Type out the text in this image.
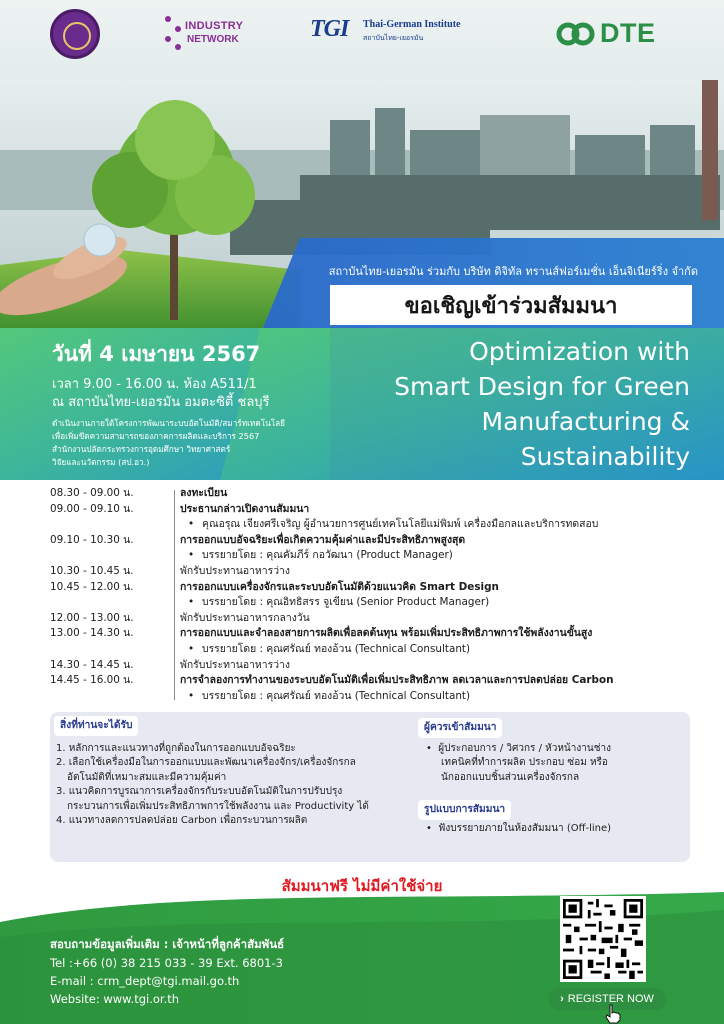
INDUSTRY
NETWORK	TGI Thai-German Institute
สถาบันไทย-เยอรมัน	DTE
สถาบันไทย-เยอรมัน ร่วมกับ บริษัท ดิจิทัล ทรานส์ฟอร์เมชั่น เอ็นจิเนียร์ริ่ง จำกัด
ขอเชิญเข้าร่วมสัมมนา
วันที่ 4 เมษายน 2567
เวลา 9.00 - 16.00 น. ห้อง A511/1
ณ สถาบันไทย-เยอรมัน อมตะซิตี้ ชลบุรี
ดำเนินงานภายใต้โครงการพัฒนาระบบอัตโนมัติ/สมาร์ทเทคโนโลยี
เพื่อเพิ่มขีดความสามารถของภาคการผลิตและบริการ 2567
สำนักงานปลัดกระทรวงการอุดมศึกษา วิทยาศาสตร์
วิจัยและนวัตกรรม (สป.อว.)
Optimization with
Smart Design for Green
Manufacturing &
Sustainability
08.30 - 09.00 น.	ลงทะเบียน
09.00 - 09.10 น.	ประธานกล่าวเปิดงานสัมมนา
• คุณอรุณ เจียงศรีเจริญ ผู้อำนวยการศูนย์เทคโนโลยีแม่พิมพ์ เครื่องมือกลและบริการทดสอบ
09.10 - 10.30 น.	การออกแบบอัจฉริยะเพื่อเกิดความคุ้มค่าและมีประสิทธิภาพสูงสุด
• บรรยายโดย : คุณคัมภีร์ กอวัฒนา (Product Manager)
10.30 - 10.45 น.	พักรับประทานอาหารว่าง
10.45 - 12.00 น.	การออกแบบเครื่องจักรและระบบอัตโนมัติด้วยแนวคิด Smart Design
• บรรยายโดย : คุณอิทธิสรร จูเขียน (Senior Product Manager)
12.00 - 13.00 น.	พักรับประทานอาหารกลางวัน
13.00 - 14.30 น.	การออกแบบและจำลองสายการผลิตเพื่อลดต้นทุน พร้อมเพิ่มประสิทธิภาพการใช้พลังงานขั้นสูง
• บรรยายโดย : คุณศรัณย์ ทองอ้วน (Technical Consultant)
14.30 - 14.45 น.	พักรับประทานอาหารว่าง
14.45 - 16.00 น.	การจำลองการทำงานของระบบอัตโนมัติเพื่อเพิ่มประสิทธิภาพ ลดเวลาและการปลดปล่อย Carbon
• บรรยายโดย : คุณศรัณย์ ทองอ้วน (Technical Consultant)
สิ่งที่ท่านจะได้รับ
1. หลักการและแนวทางที่ถูกต้องในการออกแบบอัจฉริยะ
2. เลือกใช้เครื่องมือในการออกแบบและพัฒนาเครื่องจักร/เครื่องจักรกล
อัตโนมัติที่เหมาะสมและมีความคุ้มค่า
3. แนวคิดการบูรณาการเครื่องจักรกับระบบอัตโนมัติในการปรับปรุง
กระบวนการเพื่อเพิ่มประสิทธิภาพการใช้พลังงาน และ Productivity ได้
4. แนวทางลดการปลดปล่อย Carbon เพื่อกระบวนการผลิต
ผู้ควรเข้าสัมมนา
•  ผู้ประกอบการ / วิศวกร / หัวหน้างานช่าง
เทคนิคที่ทำการผลิต ประกอบ ซ่อม หรือ
นักออกแบบชิ้นส่วนเครื่องจักรกล
รูปแบบการสัมมนา
•  ฟังบรรยายภายในห้องสัมมนา (Off-line)
สัมมนาฟรี ไม่มีค่าใช้จ่าย
สอบถามข้อมูลเพิ่มเติม : เจ้าหน้าที่ลูกค้าสัมพันธ์
Tel :+66 (0) 38 215 033 - 39 Ext. 6801-3
E-mail : crm_dept@tgi.mail.go.th
Website: www.tgi.or.th	› REGISTER NOW
